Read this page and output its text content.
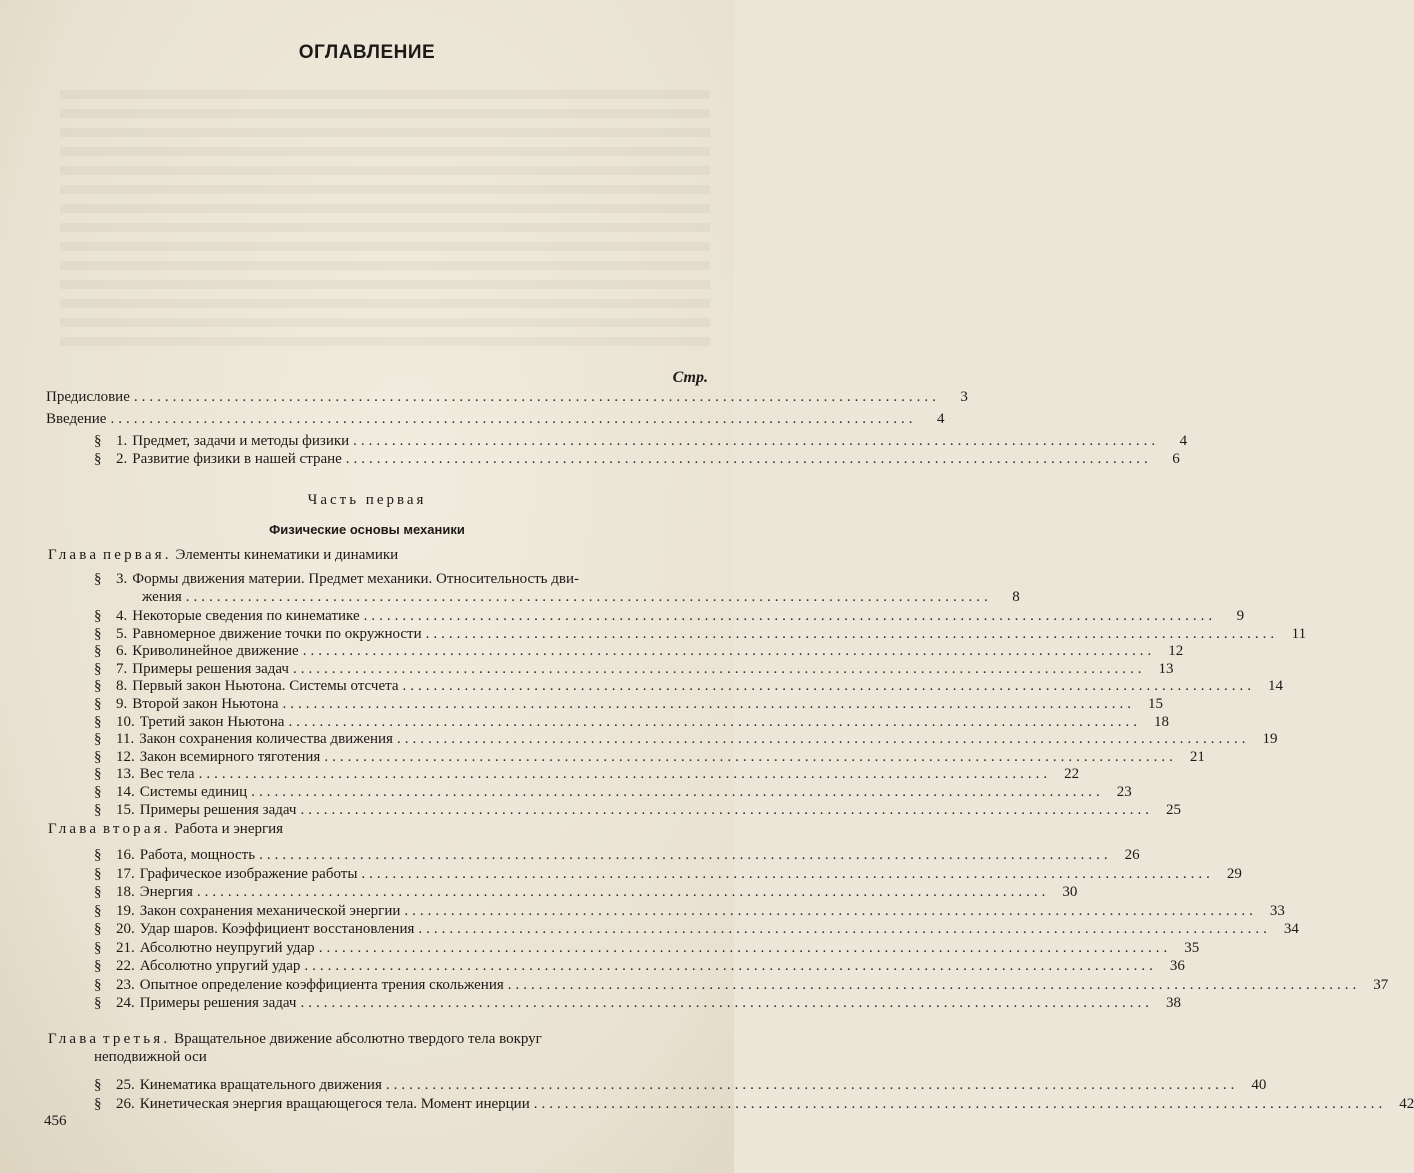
ОГЛАВЛЕНИЕ
Стр.
Предисловие ........................................................................................................	3
Введение ........................................................................................................	4
§ 1. Предмет, задачи и методы физики ........................................................................................................	4
§ 2. Развитие физики в нашей стране ........................................................................................................	6
Часть первая
Физические основы механики
Глава первая. Элементы кинематики и динамики
§ 3. Формы движения материи. Предмет механики. Относительность дви-
жения ........................................................................................................	8
§ 4. Некоторые сведения по кинематике ..............................................................................................................	9
§ 5. Равномерное движение точки по окружности .............................................................................................................. 11
§ 6. Криволинейное движение .............................................................................................................. 12
§ 7. Примеры решения задач .............................................................................................................. 13
§ 8. Первый закон Ньютона. Системы отсчета .............................................................................................................. 14
§ 9. Второй закон Ньютона .............................................................................................................. 15
§ 10. Третий закон Ньютона .............................................................................................................. 18
§ 11. Закон сохранения количества движения .............................................................................................................. 19
§ 12. Закон всемирного тяготения .............................................................................................................. 21
§ 13. Вес тела .............................................................................................................. 22
§ 14. Системы единиц .............................................................................................................. 23
§ 15. Примеры решения задач .............................................................................................................. 25
Глава вторая. Работа и энергия
§ 16. Работа, мощность .............................................................................................................. 26
§ 17. Графическое изображение работы .............................................................................................................. 29
§ 18. Энергия .............................................................................................................. 30
§ 19. Закон сохранения механической энергии .............................................................................................................. 33
§ 20. Удар шаров. Коэффициент восстановления .............................................................................................................. 34
§ 21. Абсолютно неупругий удар .............................................................................................................. 35
§ 22. Абсолютно упругий удар .............................................................................................................. 36
§ 23. Опытное определение коэффициента трения скольжения .............................................................................................................. 37
§ 24. Примеры решения задач .............................................................................................................. 38
Глава третья. Вращательное движение абсолютно твердого тела вокруг
неподвижной оси
§ 25. Кинематика вращательного движения .............................................................................................................. 40
§ 26. Кинетическая энергия вращающегося тела. Момент инерции .............................................................................................................. 42
456
